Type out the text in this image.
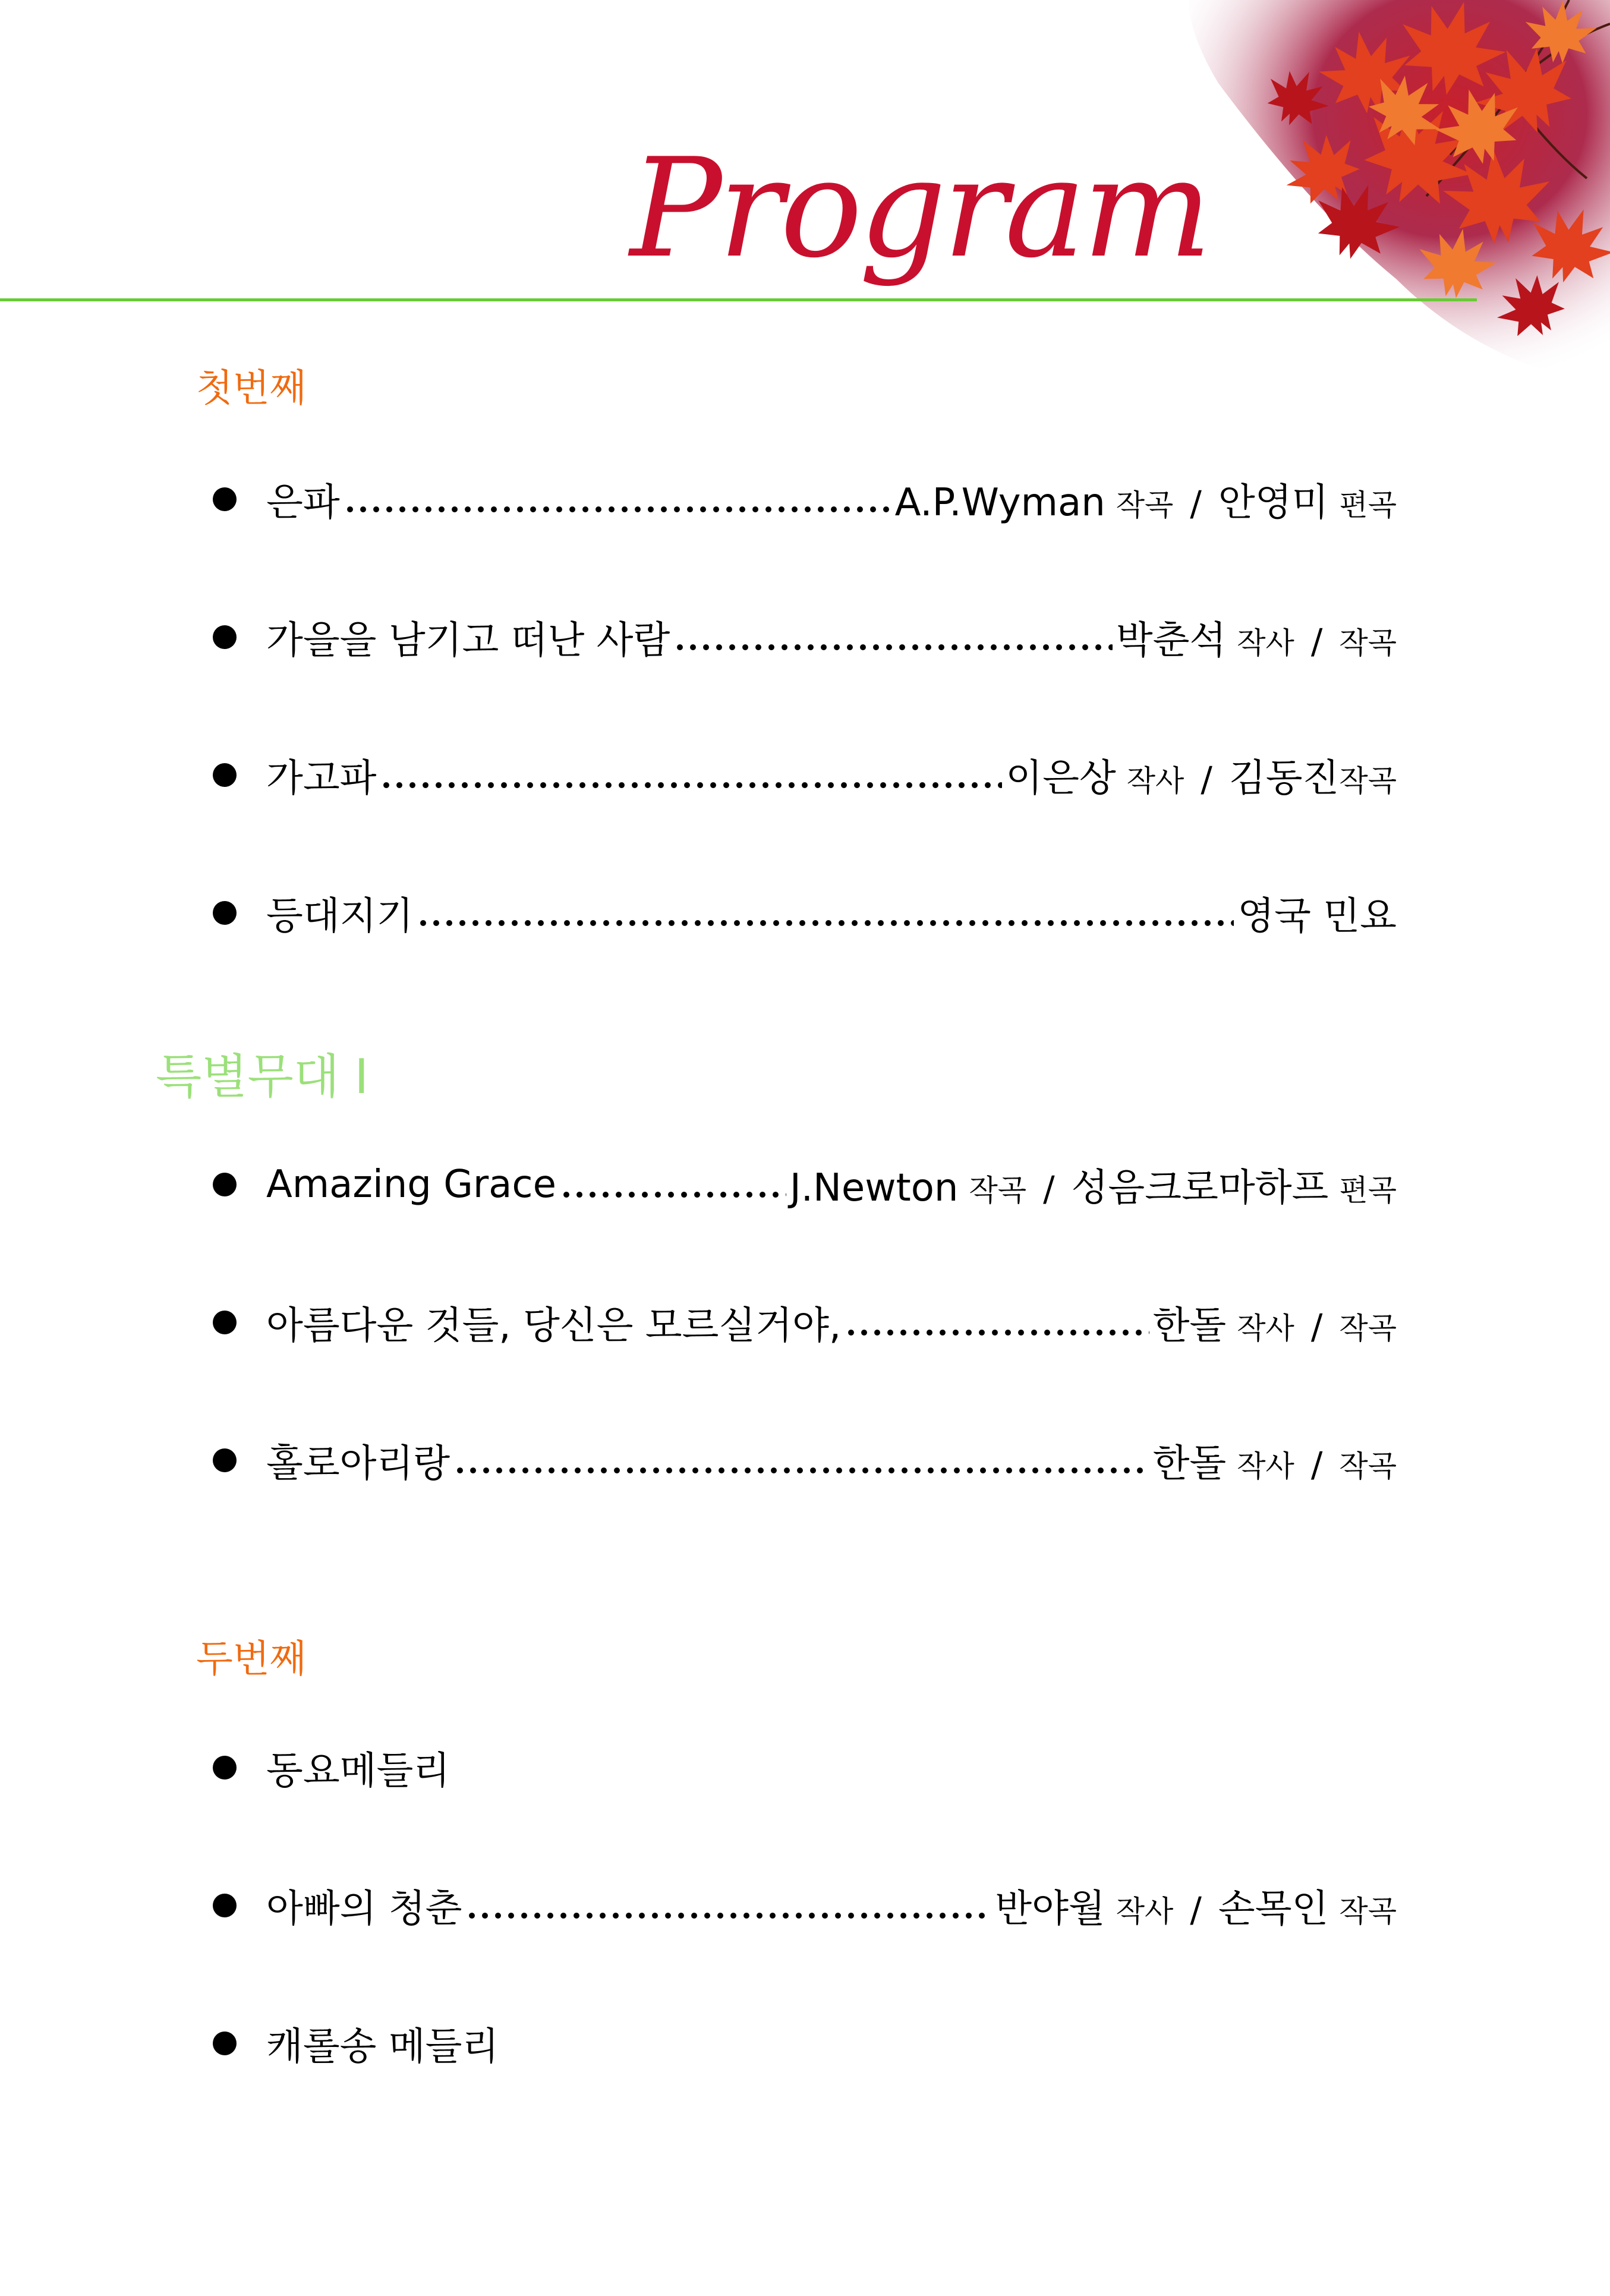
Program
첫번째
은파	A.P.Wyman 작곡 / 안영미 편곡
가을을 남기고 떠난 사람	박춘석 작사 / 작곡
가고파	이은상 작사 / 김동진 작곡
등대지기	영국 민요
특별무대 I
Amazing Grace	J.Newton 작곡 / 성음크로마하프 편곡
아름다운 것들, 당신은 모르실거야,	한돌 작사 / 작곡
홀로아리랑	한돌 작사 / 작곡
두번째
동요메들리
아빠의 청춘	반야월 작사 / 손목인 작곡
캐롤송 메들리
